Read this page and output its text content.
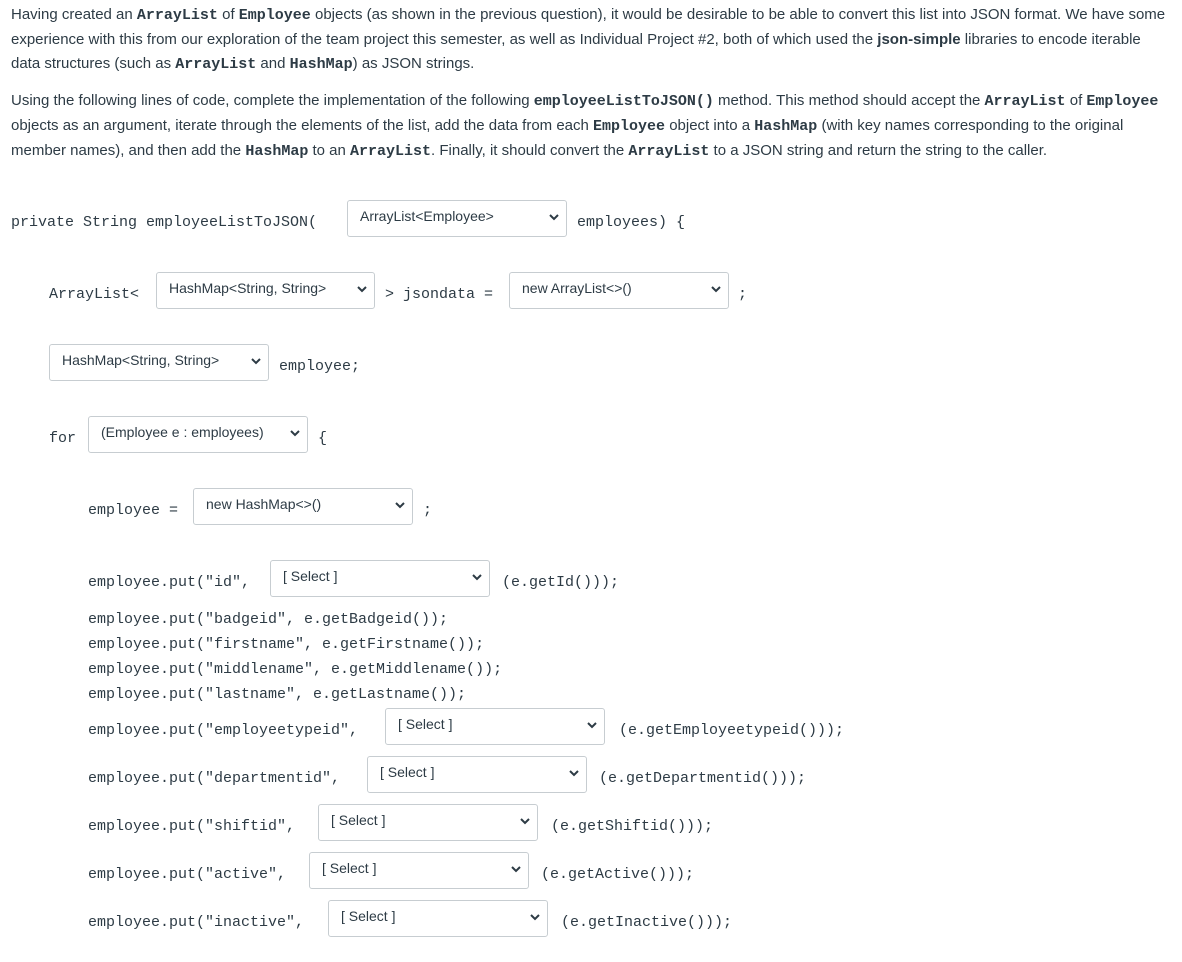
Having created an ArrayList of Employee objects (as shown in the previous question), it would be desirable to be able to convert this list into JSON format. We have some experience with this from our exploration of the team project this semester, as well as Individual Project #2, both of which used the json-simple libraries to encode iterable data structures (such as ArrayList and HashMap) as JSON strings.

Using the following lines of code, complete the implementation of the following employeeListToJSON() method. This method should accept the ArrayList of Employee objects as an argument, iterate through the elements of the list, add the data from each Employee object into a HashMap (with key names corresponding to the original member names), and then add the HashMap to an ArrayList. Finally, it should convert the ArrayList to a JSON string and return the string to the caller.

private String employeeListToJSON(	ArrayList<Employee>	employees) {
ArrayList< HashMap<String, String>	> jsondata = new ArrayList<>()	;
HashMap<String, String>	employee;
for (Employee e : employees)	{
employee = new HashMap<>()	;
employee.put("id", [ Select ]	(e.getId()));
employee.put("badgeid", e.getBadgeid());
employee.put("firstname", e.getFirstname());
employee.put("middlename", e.getMiddlename());
employee.put("lastname", e.getLastname());
employee.put("employeetypeid",	[ Select ]	(e.getEmployeetypeid()));
employee.put("departmentid",	[ Select ]	(e.getDepartmentid()));
employee.put("shiftid",	[ Select ]	(e.getShiftid()));
employee.put("active",	[ Select ]	(e.getActive()));
employee.put("inactive",	[ Select ]	(e.getInactive()));
